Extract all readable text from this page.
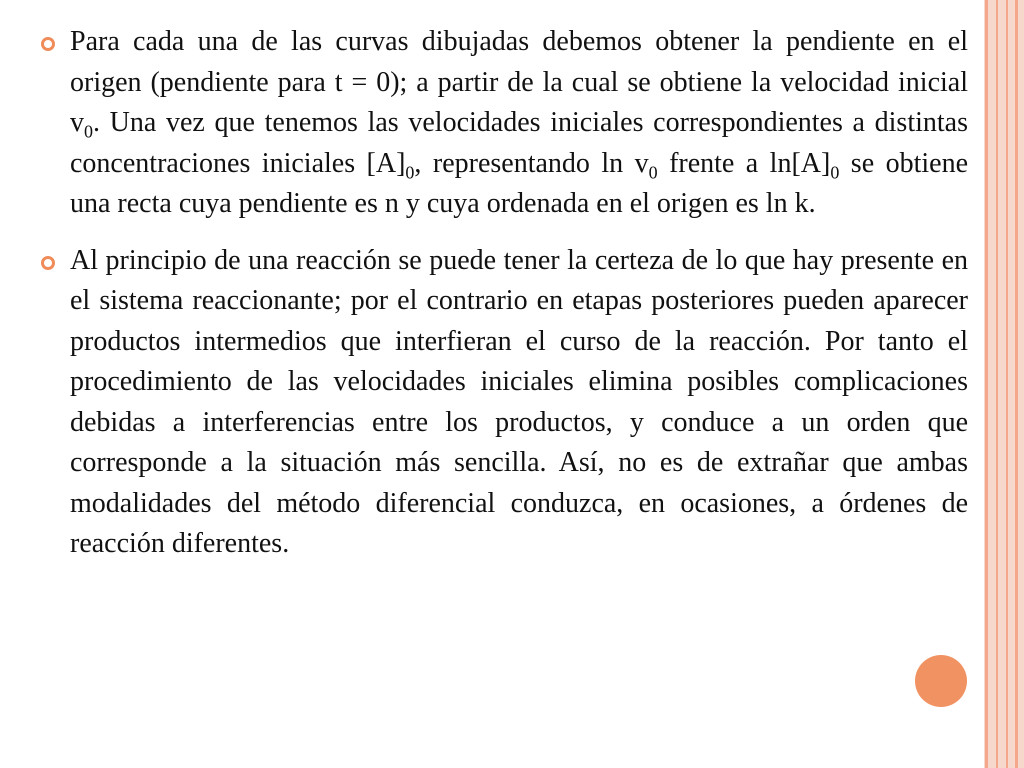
Para cada una de las curvas dibujadas debemos obtener la pendiente en el origen (pendiente para t = 0); a partir de la cual se obtiene la velocidad inicial $v_0$. Una vez que tenemos las velocidades iniciales correspondientes a distintas concentraciones iniciales $[A]_0$, representando $\ln v_0$ frente a $\ln[A]_0$ se obtiene una recta cuya pendiente es n y cuya ordenada en el origen es ln k.
Al principio de una reacción se puede tener la certeza de lo que hay presente en el sistema reaccionante; por el contrario en etapas posteriores pueden aparecer productos intermedios que interfieran el curso de la reacción. Por tanto el procedimiento de las velocidades iniciales elimina posibles complicaciones debidas a interferencias entre los productos, y conduce a un orden que corresponde a la situación más sencilla. Así, no es de extrañar que ambas modalidades del método diferencial conduzca, en ocasiones, a órdenes de reacción diferentes.
